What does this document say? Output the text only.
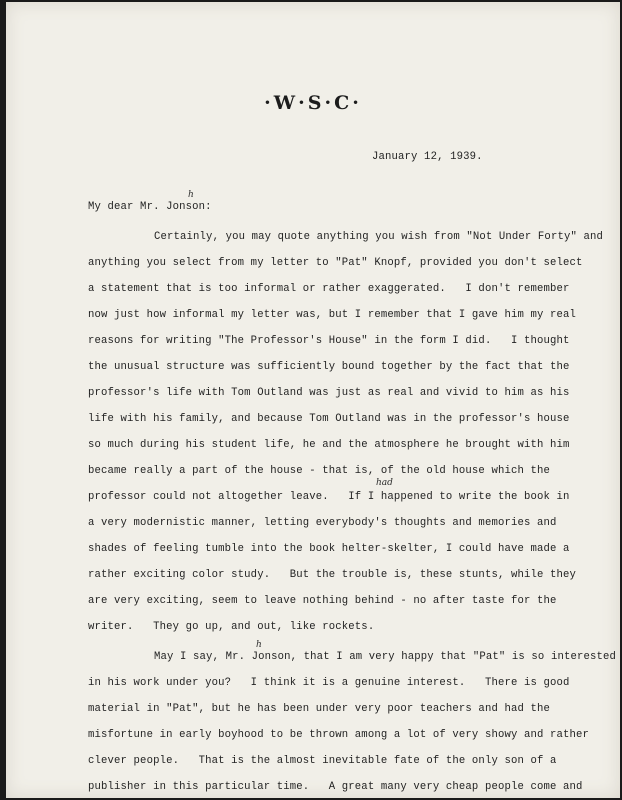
·W·S·C·
January 12, 1939.
My dear Mr. Jonson:
h
Certainly, you may quote anything you wish from "Not Under Forty" and
anything you select from my letter to "Pat" Knopf, provided you don't select
a statement that is too informal or rather exaggerated.   I don't remember
now just how informal my letter was, but I remember that I gave him my real
reasons for writing "The Professor's House" in the form I did.   I thought
the unusual structure was sufficiently bound together by the fact that the
professor's life with Tom Outland was just as real and vivid to him as his
life with his family, and because Tom Outland was in the professor's house
so much during his student life, he and the atmosphere he brought with him
became really a part of the house - that is, of the old house which the
professor could not altogether leave.   If I happened to write the book in
had
a very modernistic manner, letting everybody's thoughts and memories and
shades of feeling tumble into the book helter-skelter, I could have made a
rather exciting color study.   But the trouble is, these stunts, while they
are very exciting, seem to leave nothing behind - no after taste for the
writer.   They go up, and out, like rockets.
May I say, Mr. Jonson, that I am very happy that "Pat" is so interested
h
in his work under you?   I think it is a genuine interest.   There is good
material in "Pat", but he has been under very poor teachers and had the
misfortune in early boyhood to be thrown among a lot of very showy and rather
clever people.   That is the almost inevitable fate of the only son of a
publisher in this particular time.   A great many very cheap people come and
